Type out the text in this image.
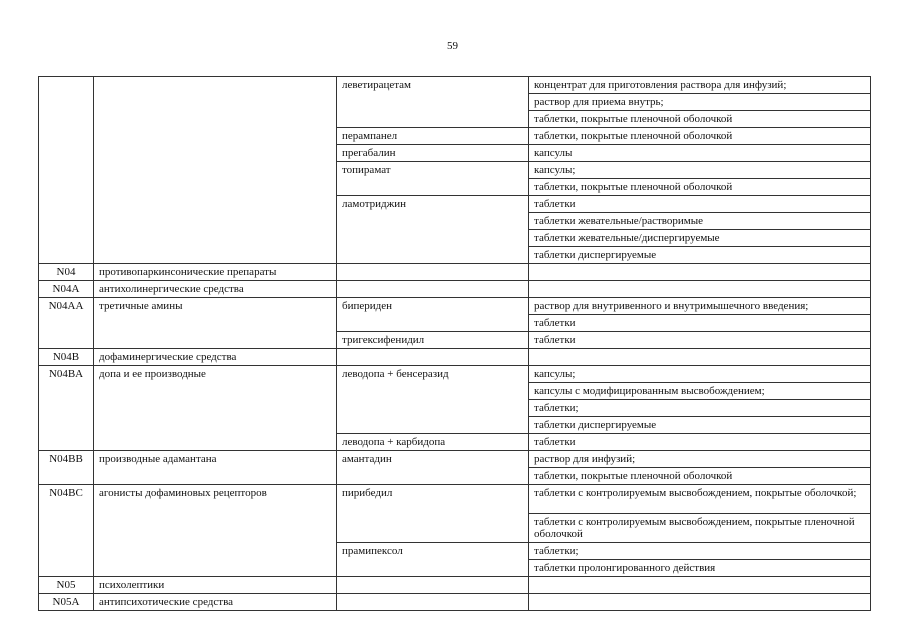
59
		леветирацетам	концентрат для приготовления раствора для инфузий;
			раствор для приема внутрь;
			таблетки, покрытые пленочной оболочкой
		перампанел	таблетки, покрытые пленочной оболочкой
		прегабалин	капсулы
		топирамат	капсулы;
			таблетки, покрытые пленочной оболочкой
		ламотриджин	таблетки
			таблетки жевательные/растворимые
			таблетки жевательные/диспергируемые
			таблетки диспергируемые
N04	противопаркинсонические препараты		
N04A	антихолинергические средства		
N04AA	третичные амины	бипериден	раствор для внутривенного и внутримышечного введения;
			таблетки
		тригексифенидил	таблетки
N04B	дофаминергические средства		
N04BA	допа и ее производные	леводопа + бенсеразид	капсулы;
			капсулы с модифицированным высвобождением;
			таблетки;
			таблетки диспергируемые
		леводопа + карбидопа	таблетки
N04BB	производные адамантана	амантадин	раствор для инфузий;
			таблетки, покрытые пленочной оболочкой
N04BC	агонисты дофаминовых рецепторов	пирибедил	таблетки с контролируемым высвобождением, покрытые оболочкой;
			таблетки с контролируемым высвобождением, покрытые пленочной оболочкой
		прамипексол	таблетки;
			таблетки пролонгированного действия
N05	психолептики		
N05A	антипсихотические средства		
